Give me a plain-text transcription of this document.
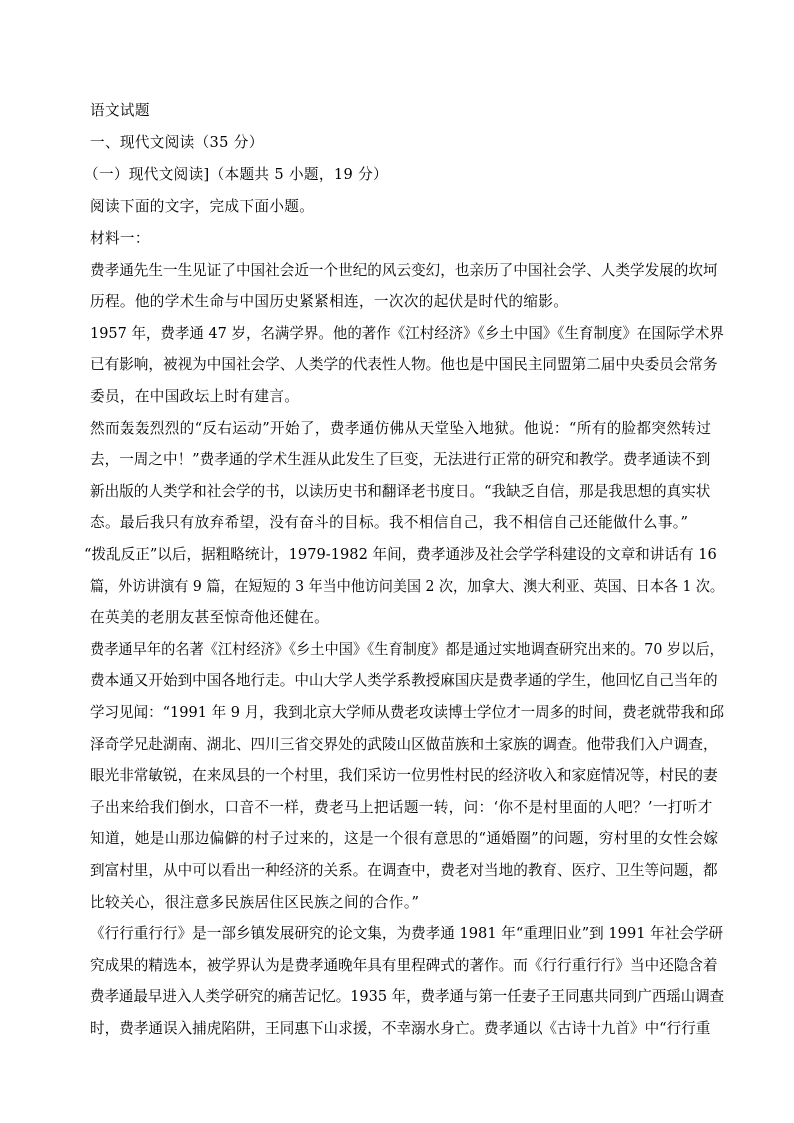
语文试题
一、现代文阅读（35 分）
（一）现代文阅读]（本题共 5 小题，19 分）
阅读下面的文字，完成下面小题。
材料一：
费孝通先生一生见证了中国社会近一个世纪的风云变幻，也亲历了中国社会学、人类学发展的坎坷
历程。他的学术生命与中国历史紧紧相连，一次次的起伏是时代的缩影。
1957 年，费孝通 47 岁，名满学界。他的著作《江村经济》《乡土中国》《生育制度》在国际学术界
已有影响，被视为中国社会学、人类学的代表性人物。他也是中国民主同盟第二届中央委员会常务
委员，在中国政坛上时有建言。
然而轰轰烈烈的“反右运动”开始了，费孝通仿佛从天堂坠入地狱。他说：“所有的脸都突然转过
去，一周之中！”费孝通的学术生涯从此发生了巨变，无法进行正常的研究和教学。费孝通读不到
新出版的人类学和社会学的书，以读历史书和翻译老书度日。“我缺乏自信，那是我思想的真实状
态。最后我只有放弃希望，没有奋斗的目标。我不相信自己，我不相信自己还能做什么事。”
“拨乱反正”以后，据粗略统计，1979-1982 年间，费孝通涉及社会学学科建设的文章和讲话有 16
篇，外访讲演有 9 篇，在短短的 3 年当中他访问美国 2 次，加拿大、澳大利亚、英国、日本各 1 次。
在英美的老朋友甚至惊奇他还健在。
费孝通早年的名著《江村经济》《乡土中国》《生育制度》都是通过实地调查研究出来的。70 岁以后，
费本通又开始到中国各地行走。中山大学人类学系教授麻国庆是费孝通的学生，他回忆自己当年的
学习见闻：“1991 年 9 月，我到北京大学师从费老攻读博士学位才一周多的时间，费老就带我和邱
泽奇学兄赴湖南、湖北、四川三省交界处的武陵山区做苗族和土家族的调查。他带我们入户调查，
眼光非常敏锐，在来凤县的一个村里，我们采访一位男性村民的经济收入和家庭情况等，村民的妻
子出来给我们倒水，口音不一样，费老马上把话题一转，问：‘你不是村里面的人吧？’一打听才
知道，她是山那边偏僻的村子过来的，这是一个很有意思的“通婚圈”的问题，穷村里的女性会嫁
到富村里，从中可以看出一种经济的关系。在调查中，费老对当地的教育、医疗、卫生等问题，都
比较关心，很注意多民族居住区民族之间的合作。”
《行行重行行》是一部乡镇发展研究的论文集，为费孝通 1981 年“重理旧业”到 1991 年社会学研
究成果的精选本，被学界认为是费孝通晚年具有里程碑式的著作。而《行行重行行》当中还隐含着
费孝通最早进入人类学研究的痛苦记忆。1935 年，费孝通与第一任妻子王同惠共同到广西瑶山调查
时，费孝通误入捕虎陷阱，王同惠下山求援，不幸溺水身亡。费孝通以《古诗十九首》中“行行重
